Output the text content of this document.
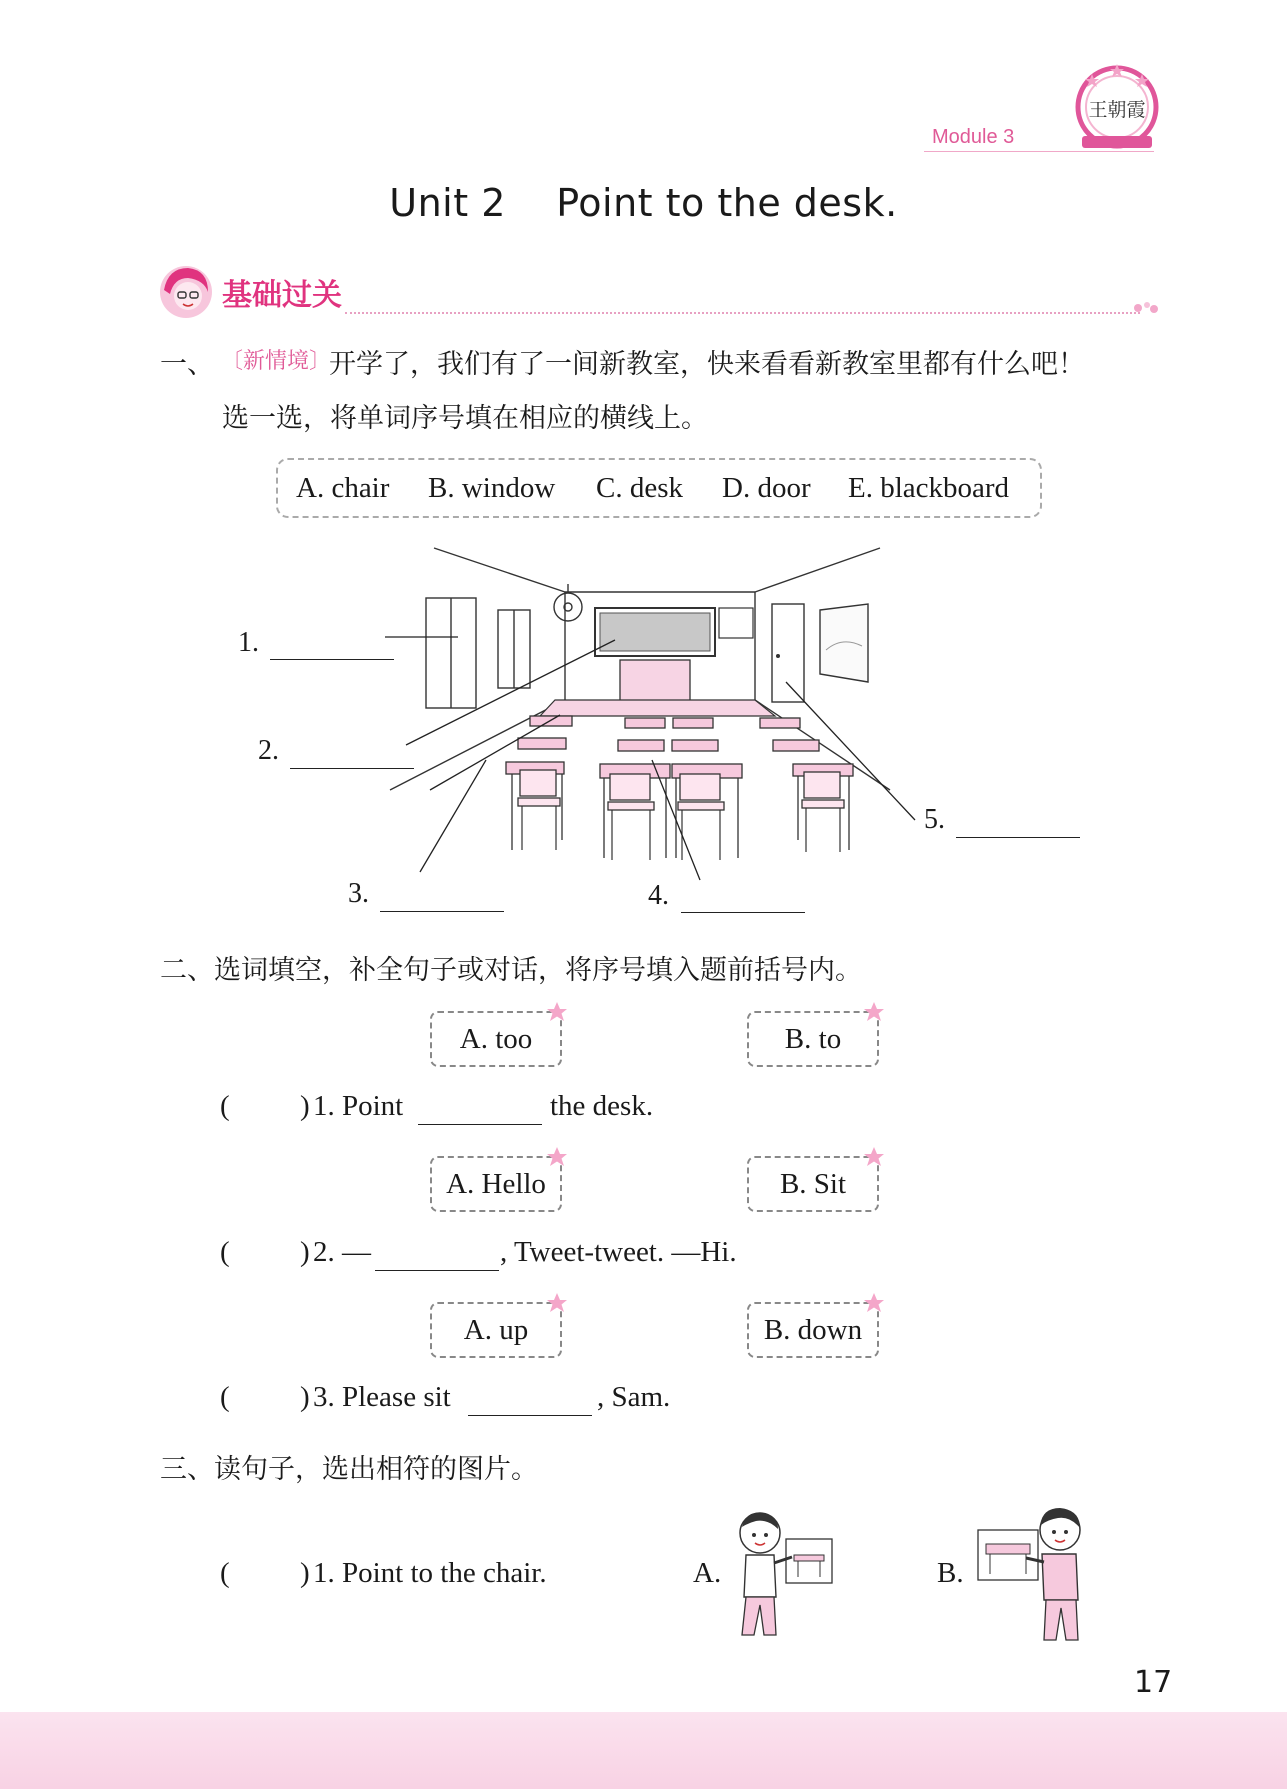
Module 3
王朝霞
Unit 2    Point to the desk.
基础过关
一、 〔新情境〕
开学了，我们有了一间新教室，快来看看新教室里都有什么吧！
选一选，将单词序号填在相应的横线上。
A. chair B. window C. desk D. door E. blackboard
1.
2.
3.	4.
5.
二、选词填空，补全句子或对话，将序号填入题前括号内。
A. too	B. to
( ) 1. Point	the desk.
A. Hello	B. Sit
( ) 2. —	, Tweet-tweet. —Hi.
A. up	B. down
( ) 3. Please sit	, Sam.
三、读句子，选出相符的图片。
( ) 1. Point to the chair.	A.	B.
17
